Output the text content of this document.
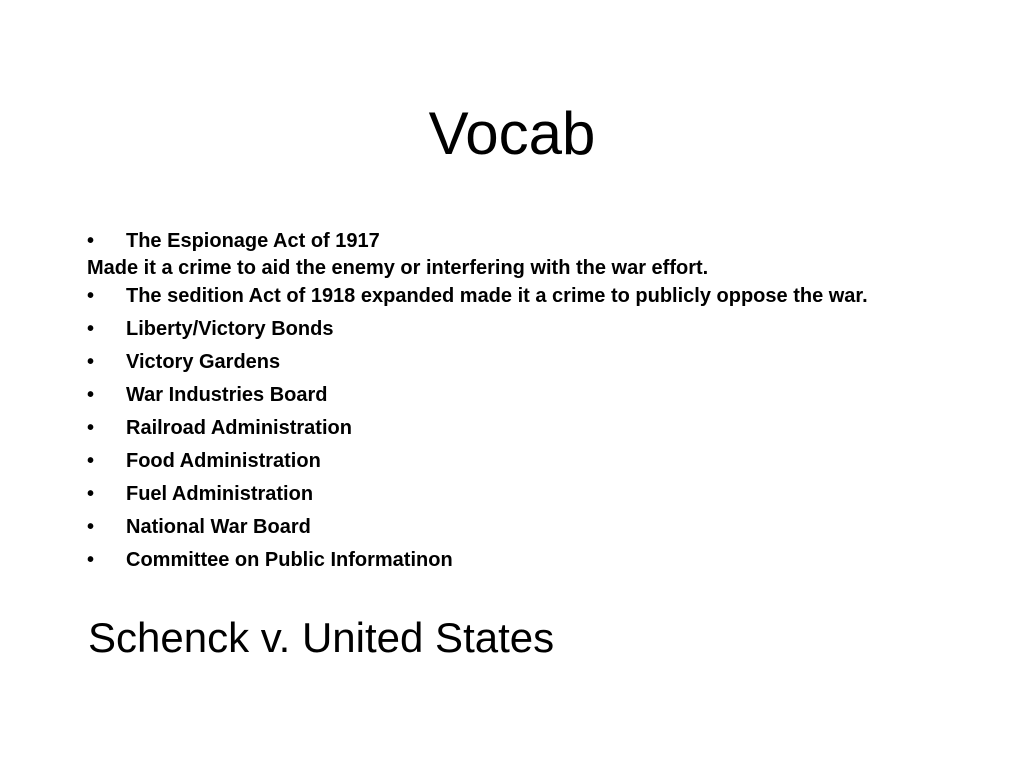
Vocab
• The Espionage Act of 1917
Made it a crime to aid the enemy or interfering with the war effort.
• The sedition Act of 1918 expanded made it a crime to publicly oppose the war.
• Liberty/Victory Bonds
• Victory Gardens
• War Industries Board
• Railroad Administration
• Food Administration
• Fuel Administration
• National War Board
• Committee on Public Informatinon
Schenck v. United States
